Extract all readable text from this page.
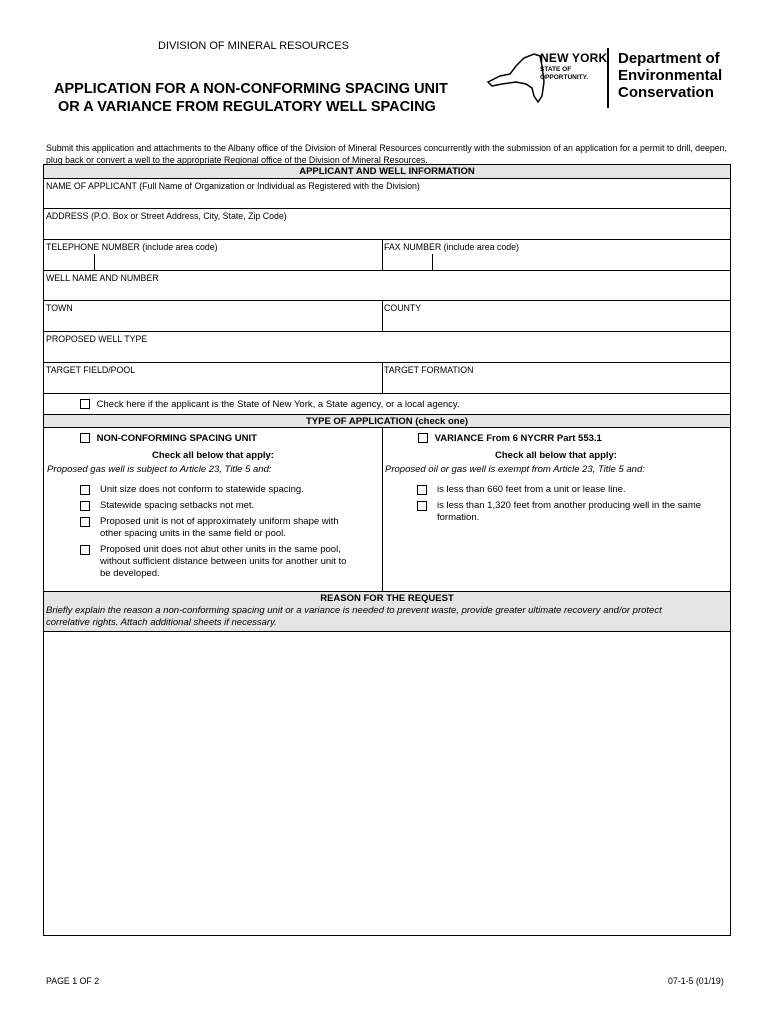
DIVISION OF MINERAL RESOURCES
APPLICATION FOR A NON-CONFORMING SPACING UNIT
OR A VARIANCE FROM REGULATORY WELL SPACING
NEW YORK
STATE OF
OPPORTUNITY.
Department of
Environmental
Conservation
Submit this application and attachments to the Albany office of the Division of Mineral Resources concurrently with the submission of an application for a permit to drill, deepen, plug back or convert a well to the appropriate Regional office of the Division of Mineral Resources.
APPLICANT AND WELL INFORMATION
NAME OF APPLICANT (Full Name of Organization or Individual as Registered with the Division)
ADDRESS (P.O. Box or Street Address, City, State, Zip Code)
TELEPHONE NUMBER (include area code)	FAX NUMBER (include area code)
WELL NAME AND NUMBER
TOWN	COUNTY
PROPOSED WELL TYPE
TARGET FIELD/POOL	TARGET FORMATION
Check here if the applicant is the State of New York, a State agency, or a local agency.
TYPE OF APPLICATION (check one)
NON-CONFORMING SPACING UNIT
Check all below that apply:
Proposed gas well is subject to Article 23, Title 5 and:
Unit size does not conform to statewide spacing.
Statewide spacing setbacks not met.
Proposed unit is not of approximately uniform shape with
other spacing units in the same field or pool.
Proposed unit does not abut other units in the same pool,
without sufficient distance between units for another unit to
be developed.
VARIANCE From 6 NYCRR Part 553.1
Check all below that apply:
Proposed oil or gas well is exempt from Article 23, Title 5 and:
is less than 660 feet from a unit or lease line.
is less than 1,320 feet from another producing well in the same
formation.
REASON FOR THE REQUEST
Briefly explain the reason a non-conforming spacing unit or a variance is needed to prevent waste, provide greater ultimate recovery and/or protect
correlative rights. Attach additional sheets if necessary.
PAGE 1 OF 2	07-1-5 (01/19)
